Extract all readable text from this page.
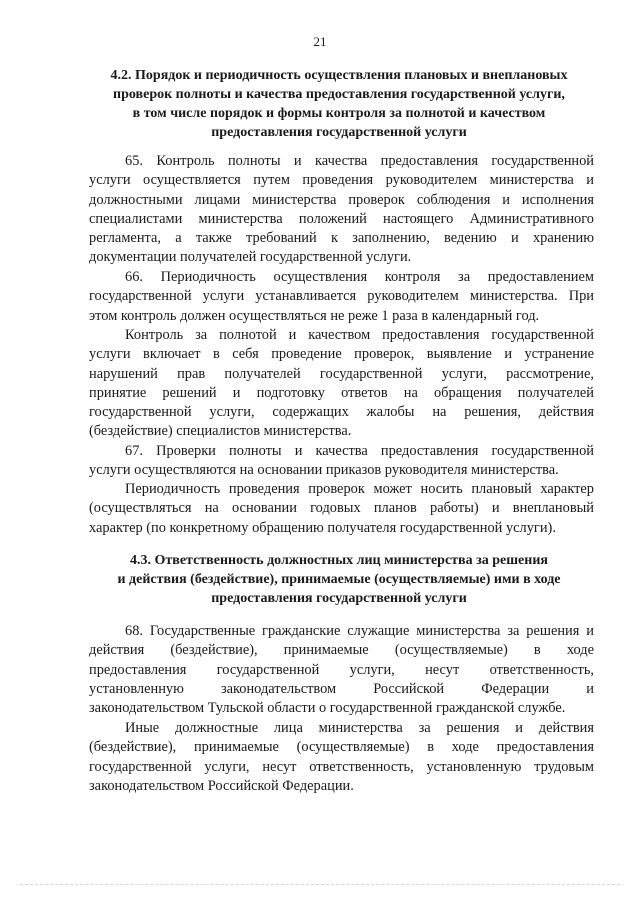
21
4.2. Порядок и периодичность осуществления плановых и внеплановых
проверок полноты и качества предоставления государственной услуги,
в том числе порядок и формы контроля за полнотой и качеством
предоставления государственной услуги
65. Контроль полноты и качества предоставления государственной
услуги осуществляется путем проведения руководителем министерства и
должностными лицами министерства проверок соблюдения и исполнения
специалистами министерства положений настоящего Административного
регламента, а также требований к заполнению, ведению и хранению
документации получателей государственной услуги.
66. Периодичность осуществления контроля за предоставлением
государственной услуги устанавливается руководителем министерства. При
этом контроль должен осуществляться не реже 1 раза в календарный год.
Контроль за полнотой и качеством предоставления государственной
услуги включает в себя проведение проверок, выявление и устранение
нарушений прав получателей государственной услуги, рассмотрение,
принятие решений и подготовку ответов на обращения получателей
государственной услуги, содержащих жалобы на решения, действия
(бездействие) специалистов министерства.
67. Проверки полноты и качества предоставления государственной
услуги осуществляются на основании приказов руководителя министерства.
Периодичность проведения проверок может носить плановый характер
(осуществляться на основании годовых планов работы) и внеплановый
характер (по конкретному обращению получателя государственной услуги).
4.3. Ответственность должностных лиц министерства за решения
и действия (бездействие), принимаемые (осуществляемые) ими в ходе
предоставления государственной услуги
68. Государственные гражданские служащие министерства за решения и
действия (бездействие), принимаемые (осуществляемые) в ходе
предоставления государственной услуги, несут ответственность,
установленную законодательством Российской Федерации и
законодательством Тульской области о государственной гражданской службе.
Иные должностные лица министерства за решения и действия
(бездействие), принимаемые (осуществляемые) в ходе предоставления
государственной услуги, несут ответственность, установленную трудовым
законодательством Российской Федерации.
